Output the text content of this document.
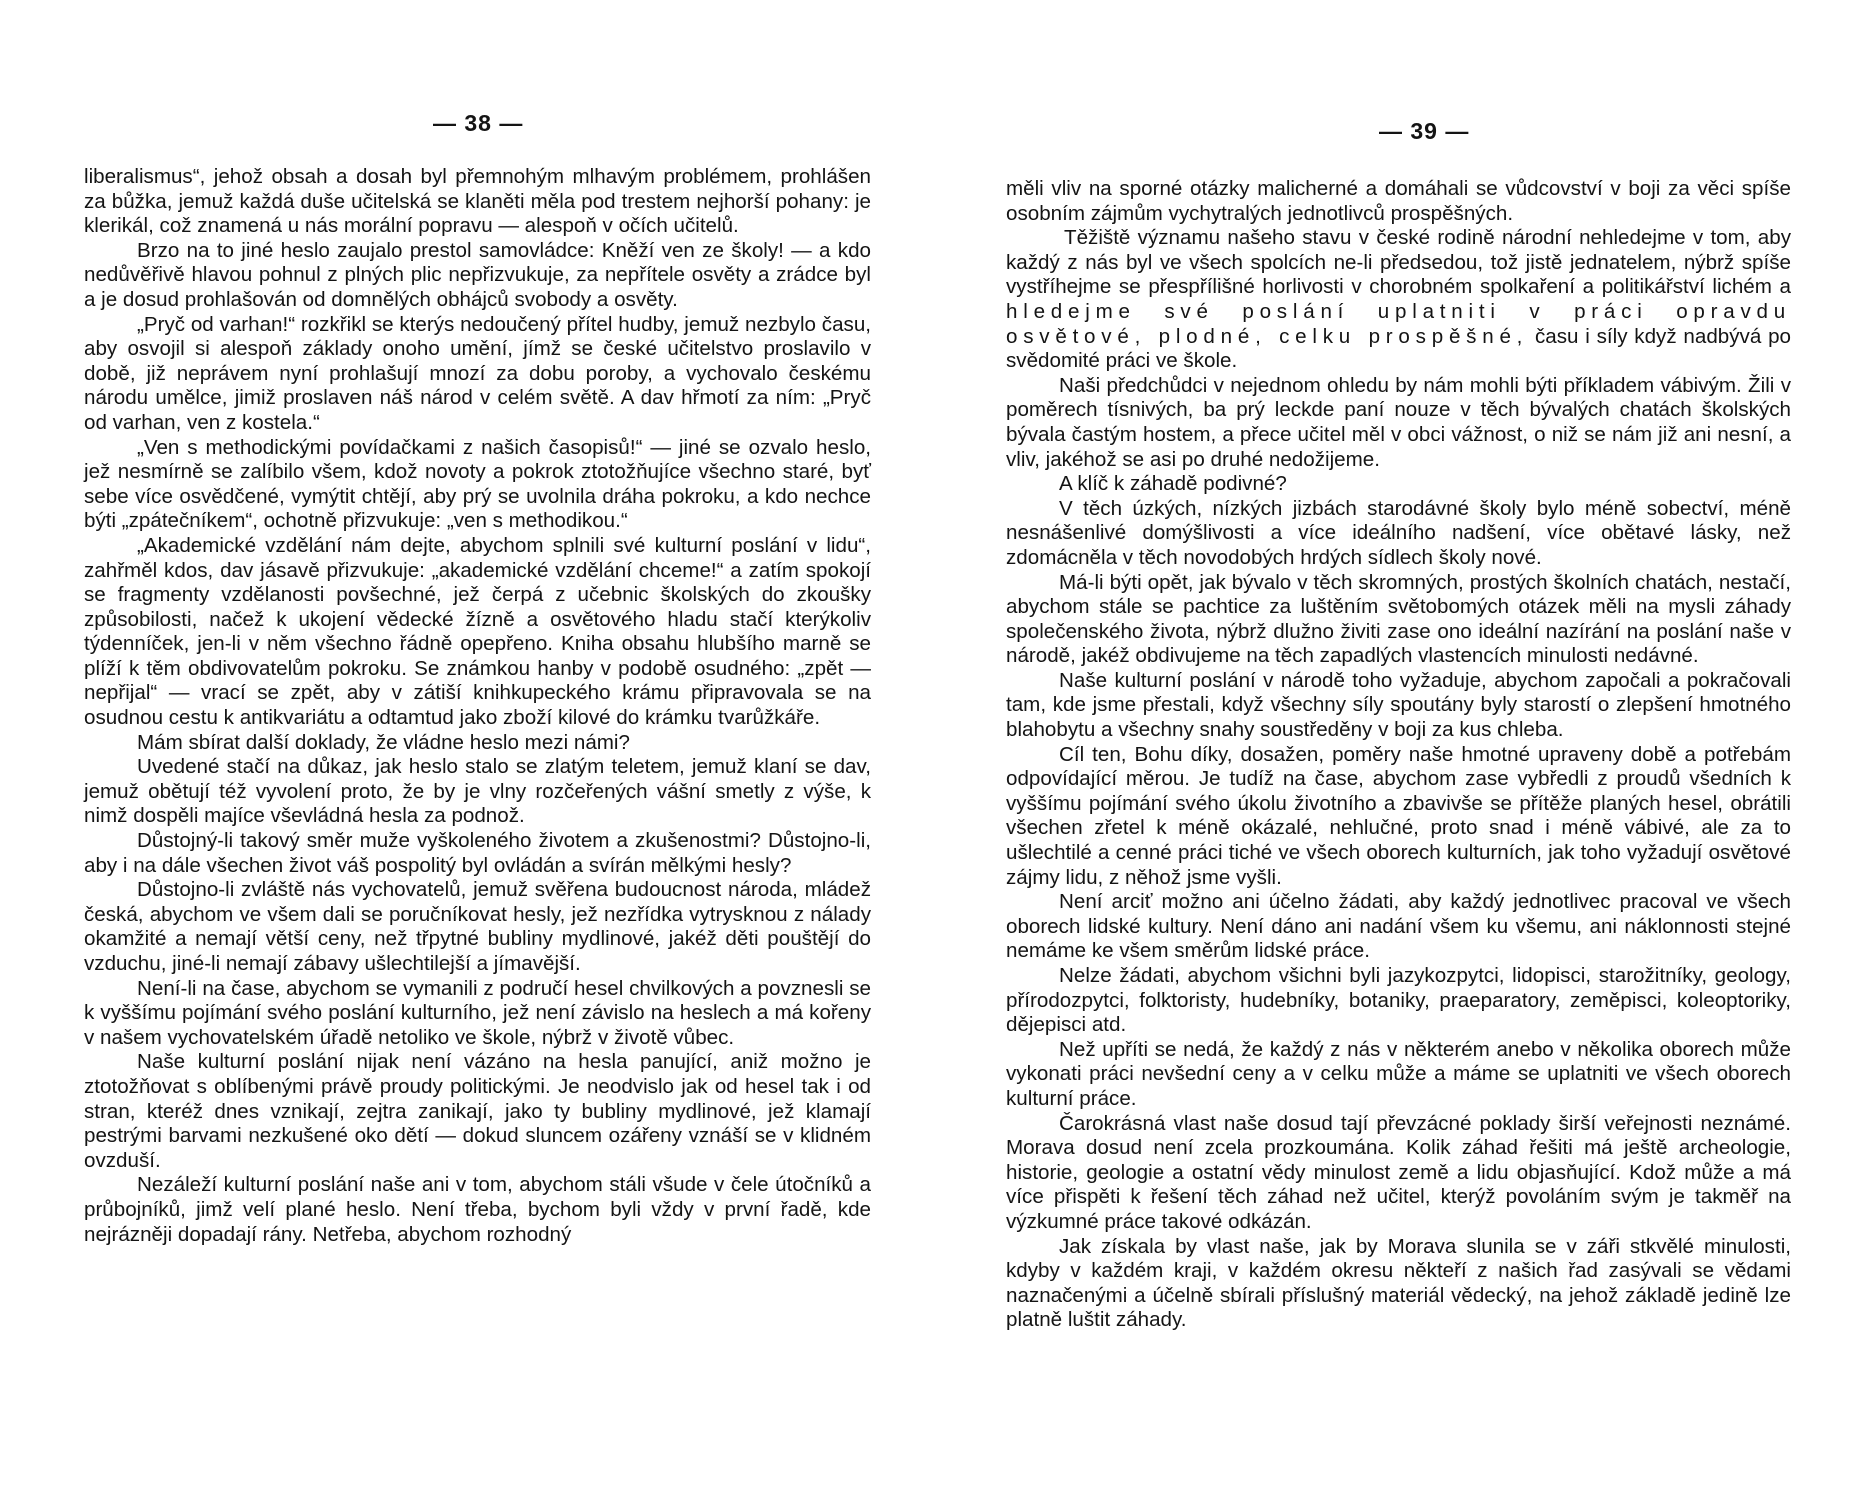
— 38 —

liberalismus“, jehož obsah a dosah byl přemnohým mlhavým problémem, prohlášen za bůžka, jemuž každá duše učitelská se klaněti měla pod trestem nejhorší pohany: je klerikál, což znamená u nás morální popravu — alespoň v očích učitelů.

Brzo na to jiné heslo zaujalo prestol samovládce: Kněží ven ze školy! — a kdo nedůvěřivě hlavou pohnul z plných plic nepřizvukuje, za nepřítele osvěty a zrádce byl a je dosud prohlašován od domnělých obhájců svobody a osvěty.

„Pryč od varhan!“ rozkřikl se kterýs nedoučený přítel hudby, jemuž nezbylo času, aby osvojil si alespoň základy onoho umění, jímž se české učitelstvo proslavilo v době, již neprávem nyní prohlašují mnozí za dobu poroby, a vychovalo českému národu umělce, jimiž proslaven náš národ v celém světě. A dav hřmotí za ním: „Pryč od varhan, ven z kostela.“

„Ven s methodickými povídačkami z našich časopisů!“ — jiné se ozvalo heslo, jež nesmírně se zalíbilo všem, kdož novoty a pokrok ztotožňujíce všechno staré, byť sebe více osvědčené, vymýtit chtějí, aby prý se uvolnila dráha pokroku, a kdo nechce býti „zpátečníkem“, ochotně přizvukuje: „ven s methodikou.“

„Akademické vzdělání nám dejte, abychom splnili své kulturní poslání v lidu“, zahřměl kdos, dav jásavě přizvukuje: „akademické vzdělání chceme!“ a zatím spokojí se fragmenty vzdělanosti povšechné, jež čerpá z učebnic školských do zkoušky způsobilosti, načež k ukojení vědecké žízně a osvětového hladu stačí kterýkoliv týdenníček, jen-li v něm všechno řádně opepřeno. Kniha obsahu hlubšího marně se plíží k těm obdivovatelům pokroku. Se známkou hanby v podobě osudného: „zpět — nepřijal“ — vrací se zpět, aby v zátiší knihkupeckého krámu připravovala se na osudnou cestu k antikvariátu a odtamtud jako zboží kilové do krámku tvarůžkáře.

Mám sbírat další doklady, že vládne heslo mezi námi?

Uvedené stačí na důkaz, jak heslo stalo se zlatým teletem, jemuž klaní se dav, jemuž obětují též vyvolení proto, že by je vlny rozčeřených vášní smetly z výše, k nimž dospěli majíce vševládná hesla za podnož.

Důstojný-li takový směr muže vyškoleného životem a zkušenostmi? Důstojno-li, aby i na dále všechen život váš pospolitý byl ovládán a svírán mělkými hesly?

Důstojno-li zvláště nás vychovatelů, jemuž svěřena budoucnost národa, mládež česká, abychom ve všem dali se poručníkovat hesly, jež nezřídka vytrysknou z nálady okamžité a nemají větší ceny, než třpytné bubliny mydlinové, jakéž děti pouštějí do vzduchu, jiné-li nemají zábavy ušlechtilejší a jímavější.

Není-li na čase, abychom se vymanili z područí hesel chvilkových a povznesli se k vyššímu pojímání svého poslání kulturního, jež není závislo na heslech a má kořeny v našem vychovatelském úřadě netoliko ve škole, nýbrž v životě vůbec.

Naše kulturní poslání nijak není vázáno na hesla panující, aniž možno je ztotožňovat s oblíbenými právě proudy politickými. Je neodvislo jak od hesel tak i od stran, kteréž dnes vznikají, zejtra zanikají, jako ty bubliny mydlinové, jež klamají pestrými barvami nezkušené oko dětí — dokud sluncem ozářeny vznáší se v klidném ovzduší.

Nezáleží kulturní poslání naše ani v tom, abychom stáli všude v čele útočníků a průbojníků, jimž velí plané heslo. Není třeba, bychom byli vždy v první řadě, kde nejrázněji dopadají rány. Netřeba, abychom rozhodný

— 39 —

měli vliv na sporné otázky malicherné a domáhali se vůdcovství v boji za věci spíše osobním zájmům vychytralých jednotlivců prospěšných.

Těžiště významu našeho stavu v české rodině národní nehledejme v tom, aby každý z nás byl ve všech spolcích ne-li předsedou, tož jistě jednatelem, nýbrž spíše vystříhejme se přespřílišné horlivosti v chorobném spolkaření a politikářství lichém a hledejme své poslání uplatniti v práci opravdu osvětové, plodné, celku prospěšné, času i síly když nadbývá po svědomité práci ve škole.

Naši předchůdci v nejednom ohledu by nám mohli býti příkladem vábivým. Žili v poměrech tísnivých, ba prý leckde paní nouze v těch bývalých chatách školských bývala častým hostem, a přece učitel měl v obci vážnost, o niž se nám již ani nesní, a vliv, jakéhož se asi po druhé nedožijeme.

A klíč k záhadě podivné?

V těch úzkých, nízkých jizbách starodávné školy bylo méně sobectví, méně nesnášenlivé domýšlivosti a více ideálního nadšení, více obětavé lásky, než zdomácněla v těch novodobých hrdých sídlech školy nové.

Má-li býti opět, jak bývalo v těch skromných, prostých školních chatách, nestačí, abychom stále se pachtice za luštěním světobomých otázek měli na mysli záhady společenského života, nýbrž dlužno živiti zase ono ideální nazírání na poslání naše v národě, jakéž obdivujeme na těch zapadlých vlastencích minulosti nedávné.

Naše kulturní poslání v národě toho vyžaduje, abychom započali a pokračovali tam, kde jsme přestali, když všechny síly spoutány byly starostí o zlepšení hmotného blahobytu a všechny snahy soustředěny v boji za kus chleba.

Cíl ten, Bohu díky, dosažen, poměry naše hmotné upraveny době a potřebám odpovídající měrou. Je tudíž na čase, abychom zase vybředli z proudů všedních k vyššímu pojímání svého úkolu životního a zbavivše se přítěže planých hesel, obrátili všechen zřetel k méně okázalé, nehlučné, proto snad i méně vábivé, ale za to ušlechtilé a cenné práci tiché ve všech oborech kulturních, jak toho vyžadují osvětové zájmy lidu, z něhož jsme vyšli.

Není arciť možno ani účelno žádati, aby každý jednotlivec pracoval ve všech oborech lidské kultury. Není dáno ani nadání všem ku všemu, ani náklonnosti stejné nemáme ke všem směrům lidské práce.

Nelze žádati, abychom všichni byli jazykozpytci, lidopisci, starožitníky, geology, přírodozpytci, folktoristy, hudebníky, botaniky, praeparatory, zeměpisci, koleoptoriky, dějepisci atd.

Než upříti se nedá, že každý z nás v některém anebo v několika oborech může vykonati práci nevšední ceny a v celku může a máme se uplatniti ve všech oborech kulturní práce.

Čarokrásná vlast naše dosud tají převzácné poklady širší veřejnosti neznámé. Morava dosud není zcela prozkoumána. Kolik záhad řešiti má ještě archeologie, historie, geologie a ostatní vědy minulost země a lidu objasňující. Kdož může a má více přispěti k řešení těch záhad než učitel, kterýž povoláním svým je takměř na výzkumné práce takové odkázán.

Jak získala by vlast naše, jak by Morava slunila se v záři stkvělé minulosti, kdyby v každém kraji, v každém okresu někteří z našich řad zasývali se vědami naznačenými a účelně sbírali příslušný materiál vědecký, na jehož základě jedině lze platně luštit záhady.
